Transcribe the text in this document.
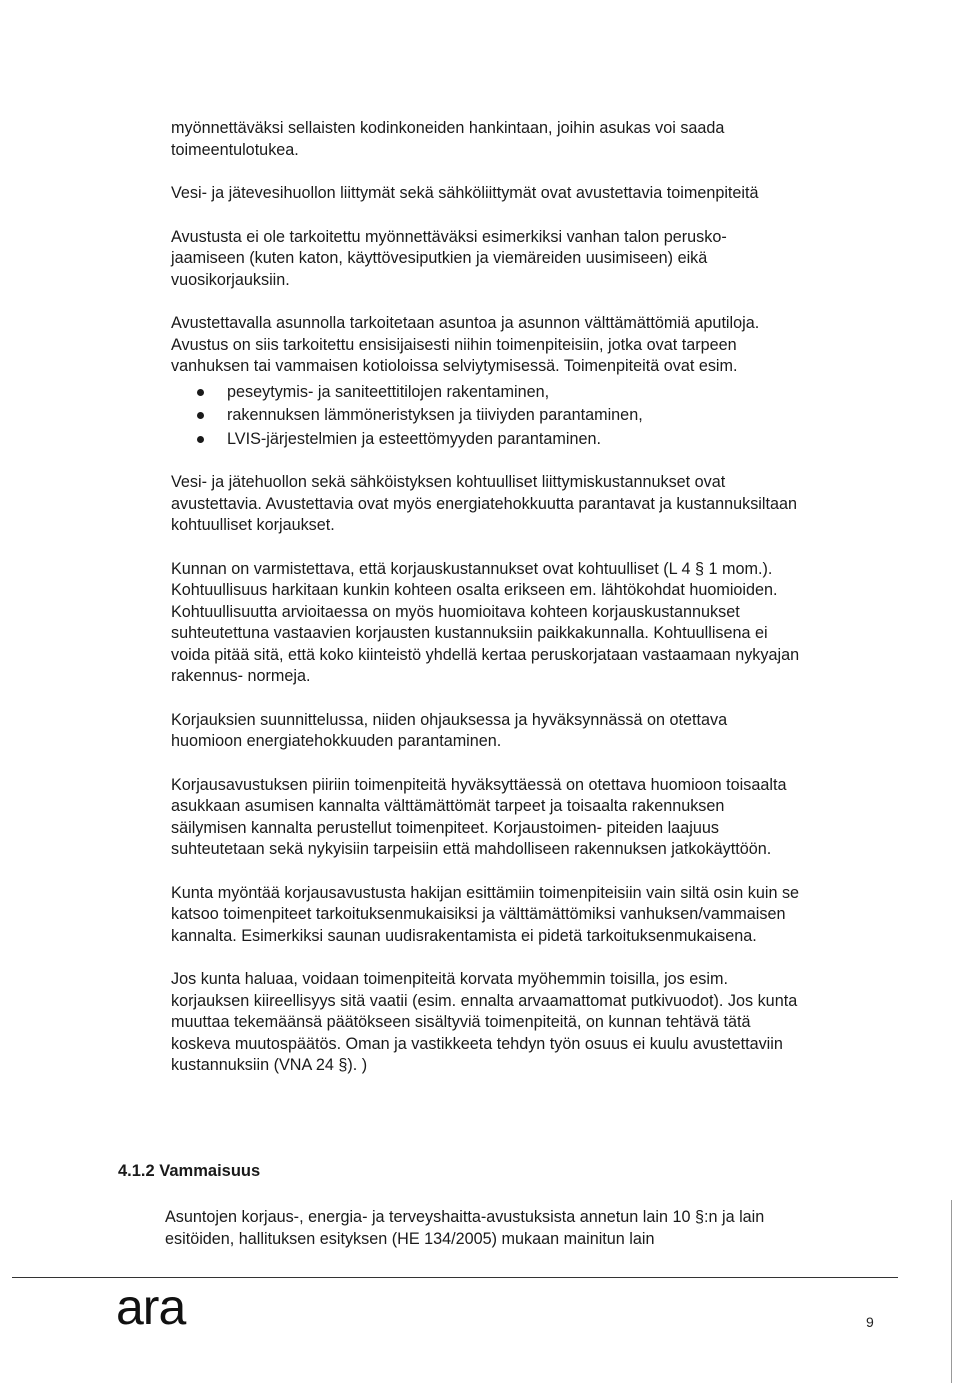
myönnettäväksi sellaisten kodinkoneiden hankintaan, joihin asukas voi saada toimeentulotukea.

Vesi- ja jätevesihuollon liittymät sekä sähköliittymät ovat avustettavia toimenpiteitä

Avustusta ei ole tarkoitettu myönnettäväksi esimerkiksi vanhan talon perusko- jaamiseen (kuten katon, käyttövesiputkien ja viemäreiden uusimiseen) eikä vuosikorjauksiin.

Avustettavalla asunnolla tarkoitetaan asuntoa ja asunnon välttämättömiä aputiloja. Avustus on siis tarkoitettu ensisijaisesti niihin toimenpiteisiin, jotka ovat tarpeen vanhuksen tai vammaisen kotioloissa selviytymisessä. Toimenpiteitä ovat esim.

peseytymis- ja saniteettitilojen rakentaminen,
rakennuksen lämmöneristyksen ja tiiviyden parantaminen,
LVIS-järjestelmien ja esteettömyyden parantaminen.

Vesi- ja jätehuollon sekä sähköistyksen kohtuulliset liittymiskustannukset ovat avustettavia. Avustettavia ovat myös energiatehokkuutta parantavat ja kustannuksiltaan kohtuulliset korjaukset.

Kunnan on varmistettava, että korjauskustannukset ovat kohtuulliset (L 4 § 1 mom.). Kohtuullisuus harkitaan kunkin kohteen osalta erikseen em. lähtökohdat huomioiden. Kohtuullisuutta arvioitaessa on myös huomioitava kohteen korjauskustannukset suhteutettuna vastaavien korjausten kustannuksiin paikkakunnalla. Kohtuullisena ei voida pitää sitä, että koko kiinteistö yhdellä kertaa peruskorjataan vastaamaan nykyajan rakennus- normeja.

Korjauksien suunnittelussa, niiden ohjauksessa ja hyväksynnässä on otettava huomioon energiatehokkuuden parantaminen.

Korjausavustuksen piiriin toimenpiteitä hyväksyttäessä on otettava huomioon toisaalta asukkaan asumisen kannalta välttämättömät tarpeet ja toisaalta rakennuksen säilymisen kannalta perustellut toimenpiteet. Korjaustoimen- piteiden laajuus suhteutetaan sekä nykyisiin tarpeisiin että mahdolliseen rakennuksen jatkokäyttöön.

Kunta myöntää korjausavustusta hakijan esittämiin toimenpiteisiin vain siltä osin kuin se katsoo toimenpiteet tarkoituksenmukaisiksi ja välttämättömiksi vanhuksen/vammaisen kannalta. Esimerkiksi saunan uudisrakentamista ei pidetä tarkoituksenmukaisena.

Jos kunta haluaa, voidaan toimenpiteitä korvata myöhemmin toisilla, jos esim. korjauksen kiireellisyys sitä vaatii (esim. ennalta arvaamattomat putkivuodot). Jos kunta muuttaa tekemäänsä päätökseen sisältyviä toimenpiteitä, on kunnan tehtävä tätä koskeva muutospäätös. Oman ja vastikkeeta tehdyn työn osuus ei kuulu avustettaviin kustannuksiin (VNA 24 §). )

4.1.2 Vammaisuus
Asuntojen korjaus-, energia- ja terveyshaitta-avustuksista annetun lain 10 §:n ja lain esitöiden, hallituksen esityksen (HE 134/2005) mukaan mainitun lain
ara	9
